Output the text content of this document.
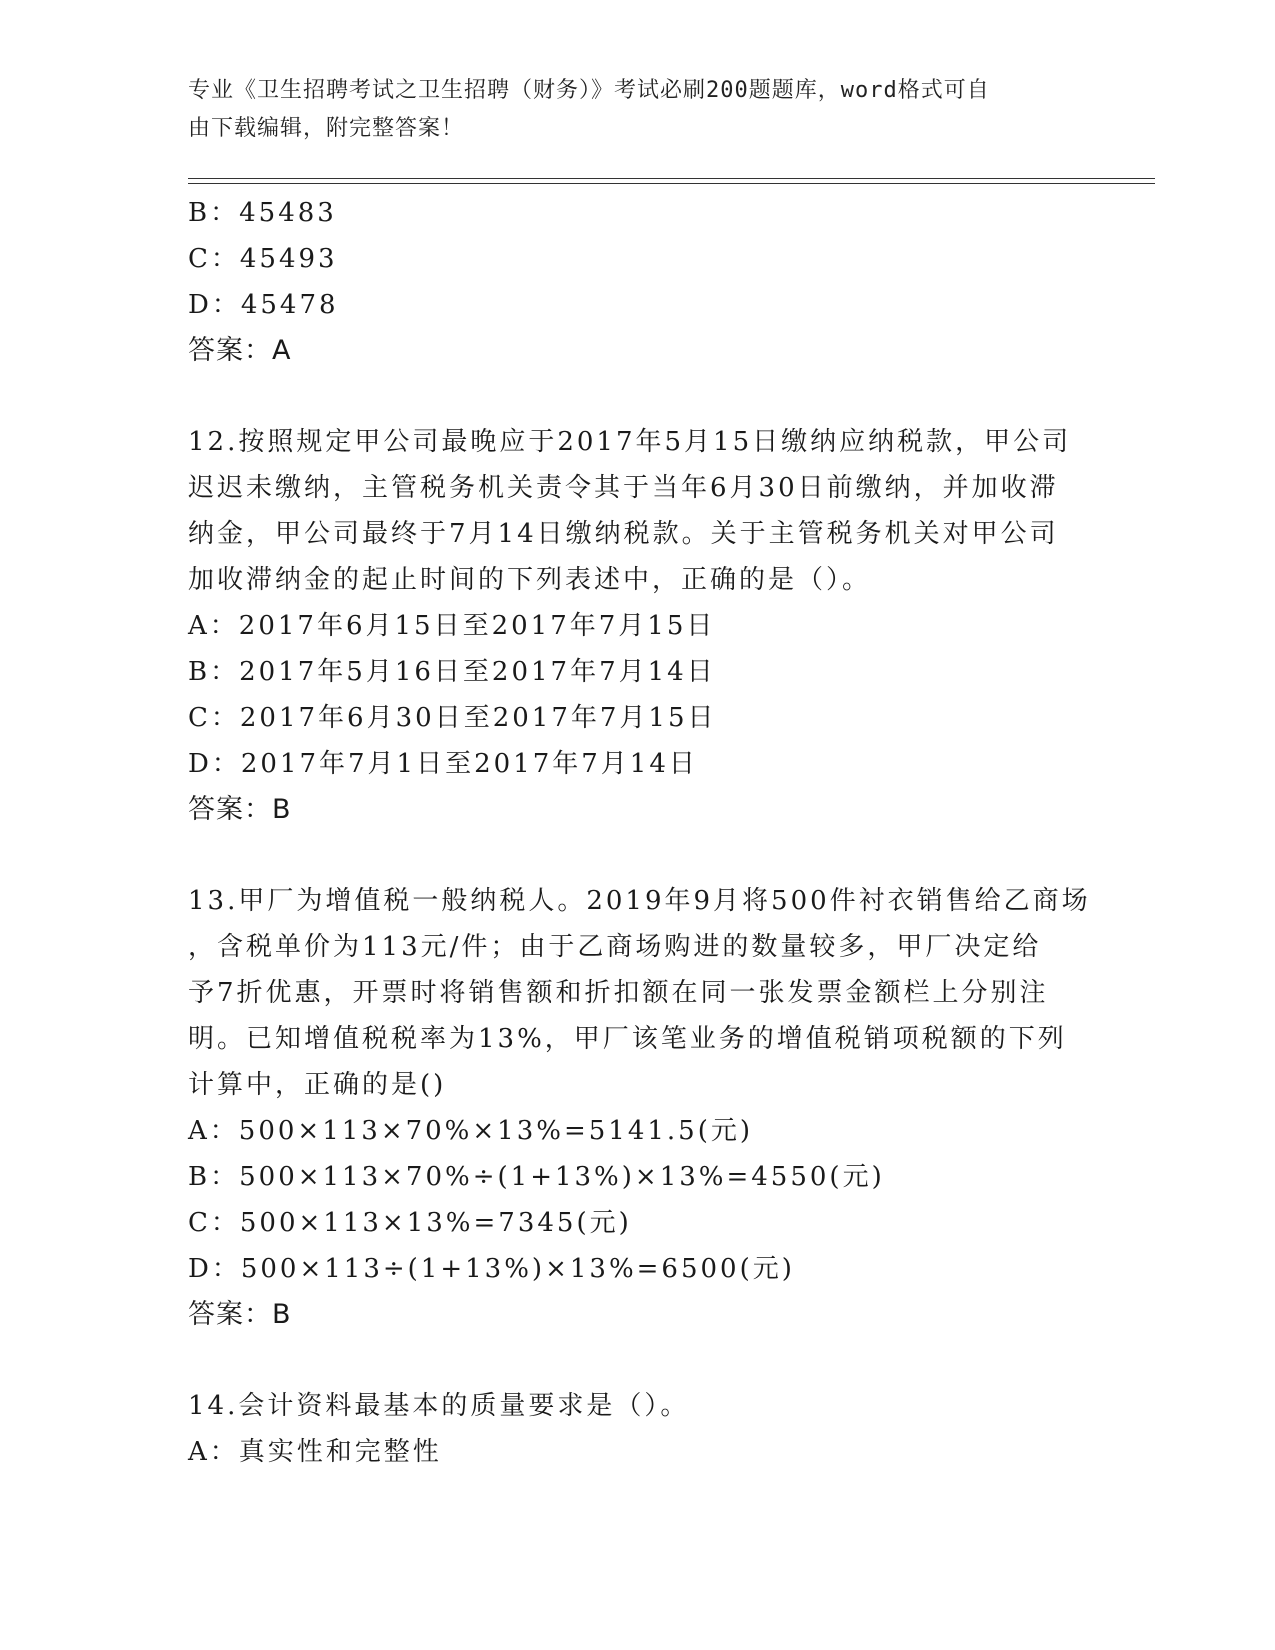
专业《卫生招聘考试之卫生招聘（财务）》考试必刷200题题库，word格式可自
由下载编辑，附完整答案！
B：45483
C：45493
D：45478
答案：A
12.按照规定甲公司最晚应于2017年5月15日缴纳应纳税款，甲公司
迟迟未缴纳，主管税务机关责令其于当年6月30日前缴纳，并加收滞
纳金，甲公司最终于7月14日缴纳税款。关于主管税务机关对甲公司
加收滞纳金的起止时间的下列表述中，正确的是（）。
A：2017年6月15日至2017年7月15日
B：2017年5月16日至2017年7月14日
C：2017年6月30日至2017年7月15日
D：2017年7月1日至2017年7月14日
答案：B
13.甲厂为增值税一般纳税人。2019年9月将500件衬衣销售给乙商场
，含税单价为113元/件；由于乙商场购进的数量较多，甲厂决定给
予7折优惠，开票时将销售额和折扣额在同一张发票金额栏上分别注
明。已知增值税税率为13%，甲厂该笔业务的增值税销项税额的下列
计算中，正确的是()
A：500×113×70%×13%=5141.5(元)
B：500×113×70%÷(1+13%)×13%=4550(元)
C：500×113×13%=7345(元)
D：500×113÷(1+13%)×13%=6500(元)
答案：B
14.会计资料最基本的质量要求是（）。
A：真实性和完整性
